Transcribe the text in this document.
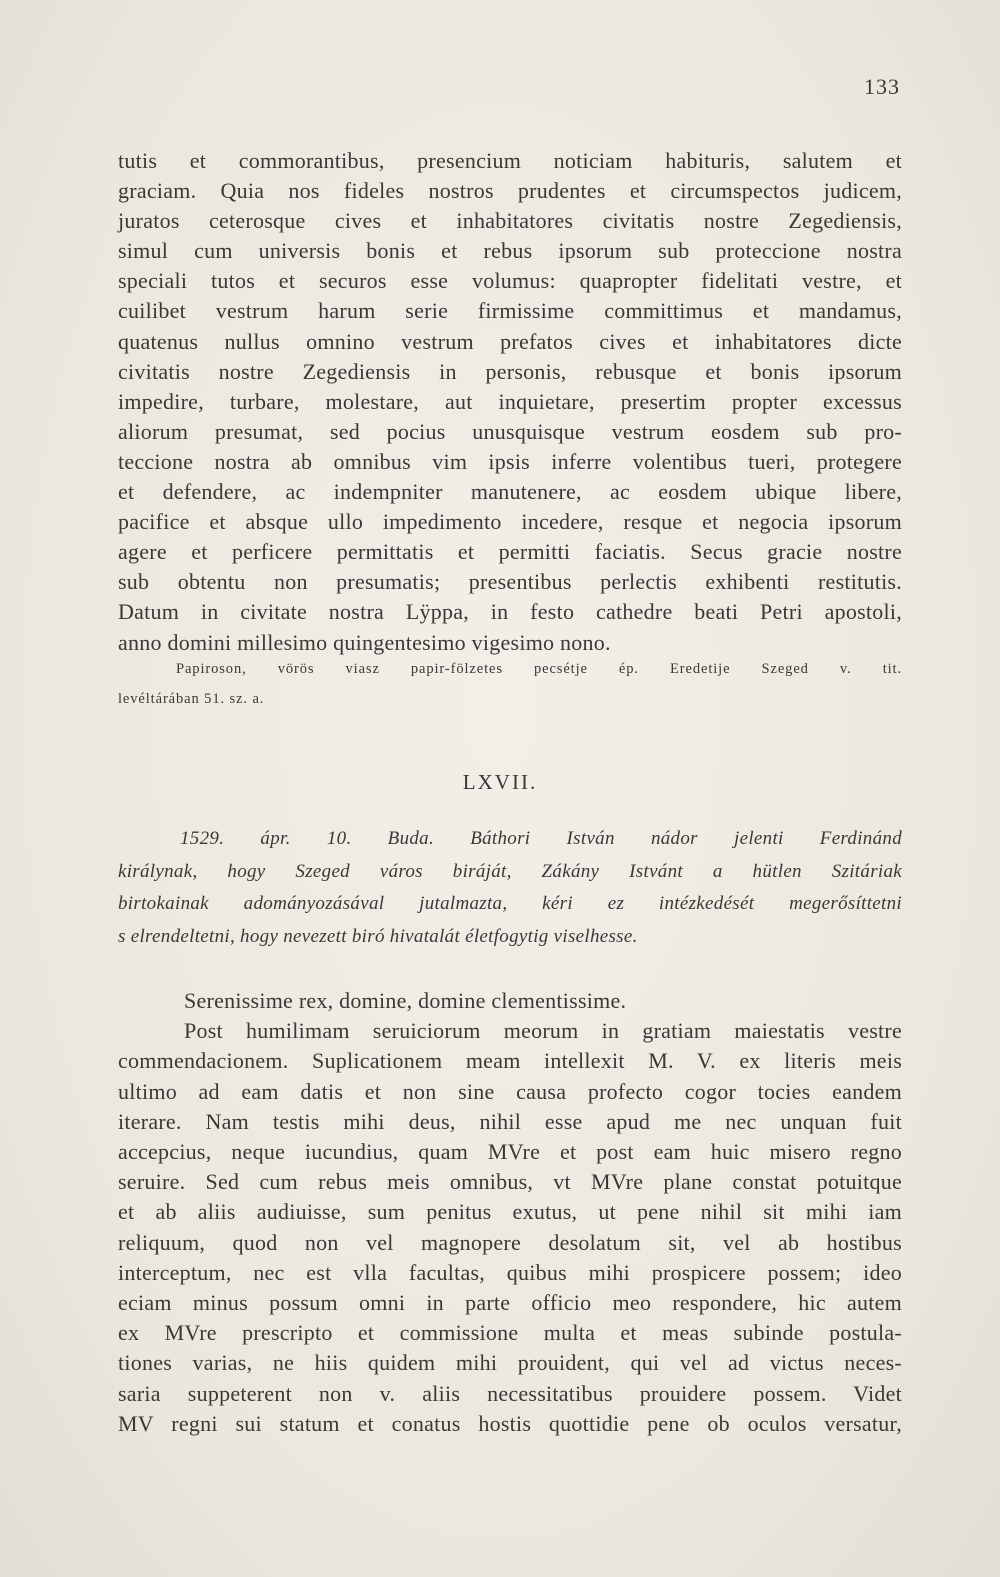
133
tutis et commorantibus, presencium noticiam habituris, salutem et
graciam. Quia nos fideles nostros prudentes et circumspectos judicem,
juratos ceterosque cives et inhabitatores civitatis nostre Zegediensis,
simul cum universis bonis et rebus ipsorum sub proteccione nostra
speciali tutos et securos esse volumus: quapropter fidelitati vestre, et
cuilibet vestrum harum serie firmissime committimus et mandamus,
quatenus nullus omnino vestrum prefatos cives et inhabitatores dicte
civitatis nostre Zegediensis in personis, rebusque et bonis ipsorum
impedire, turbare, molestare, aut inquietare, presertim propter excessus
aliorum presumat, sed pocius unusquisque vestrum eosdem sub pro-
teccione nostra ab omnibus vim ipsis inferre volentibus tueri, protegere
et defendere, ac indempniter manutenere, ac eosdem ubique libere,
pacifice et absque ullo impedimento incedere, resque et negocia ipsorum
agere et perficere permittatis et permitti faciatis. Secus gracie nostre
sub obtentu non presumatis; presentibus perlectis exhibenti restitutis.
Datum in civitate nostra Lÿppa, in festo cathedre beati Petri apostoli,
anno domini millesimo quingentesimo vigesimo nono.
Papiroson, vörös viasz papir-fölzetes pecsétje ép. Eredetije Szeged v. tit.
levéltárában 51. sz. a.
LXVII.
1529. ápr. 10. Buda. Báthori István nádor jelenti Ferdinánd
királynak, hogy Szeged város biráját, Zákány Istvánt a hütlen Szitáriak
birtokainak adományozásával jutalmazta, kéri ez intézkedését megerősíttetni
s elrendeltetni, hogy nevezett biró hivatalát életfogytig viselhesse.
Serenissime rex, domine, domine clementissime.
Post humilimam seruiciorum meorum in gratiam maiestatis vestre
commendacionem. Suplicationem meam intellexit M. V. ex literis meis
ultimo ad eam datis et non sine causa profecto cogor tocies eandem
iterare. Nam testis mihi deus, nihil esse apud me nec unquan fuit
accepcius, neque iucundius, quam MVre et post eam huic misero regno
seruire. Sed cum rebus meis omnibus, vt MVre plane constat potuitque
et ab aliis audiuisse, sum penitus exutus, ut pene nihil sit mihi iam
reliquum, quod non vel magnopere desolatum sit, vel ab hostibus
interceptum, nec est vlla facultas, quibus mihi prospicere possem; ideo
eciam minus possum omni in parte officio meo respondere, hic autem
ex MVre prescripto et commissione multa et meas subinde postula-
tiones varias, ne hiis quidem mihi prouident, qui vel ad victus neces-
saria suppeterent non v. aliis necessitatibus prouidere possem. Videt
MV regni sui statum et conatus hostis quottidie pene ob oculos versatur,
